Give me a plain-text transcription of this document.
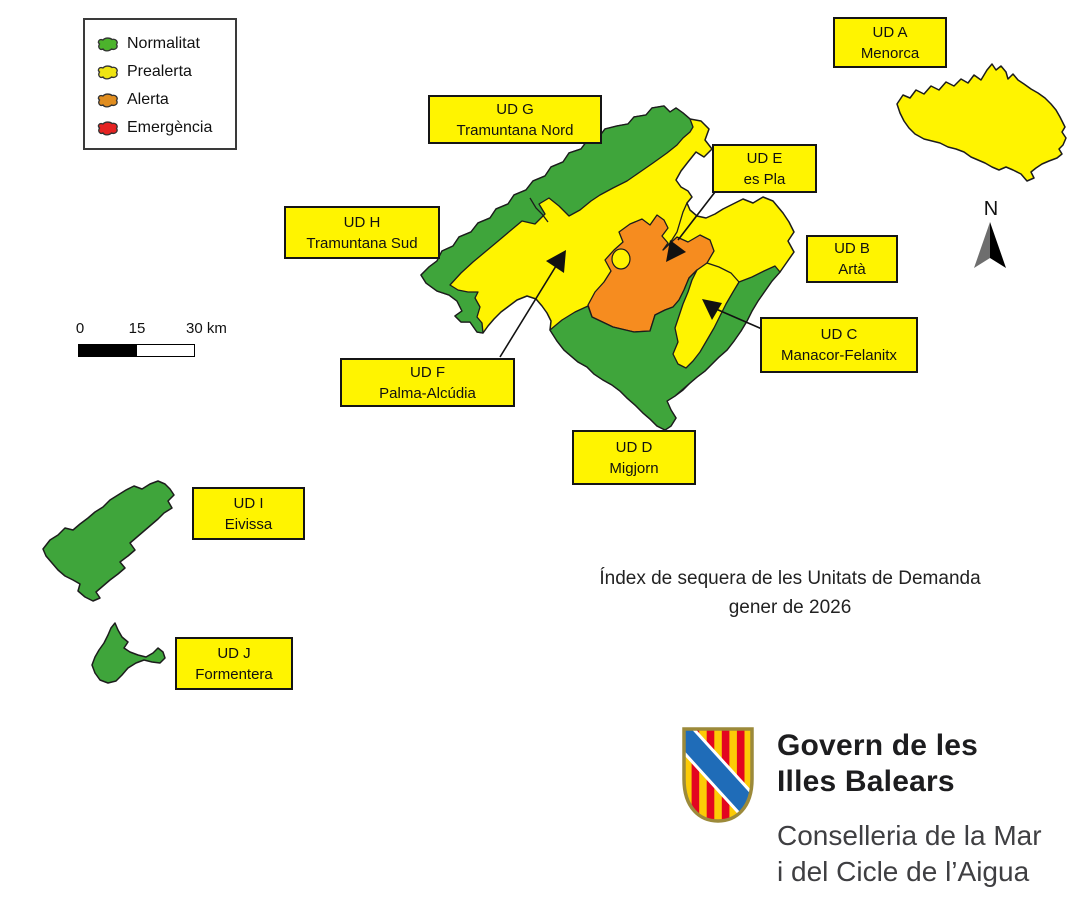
Normalitat
Prealerta
Alerta
Emergència
UD A
Menorca
UD G
Tramuntana Nord
UD H
Tramuntana Sud
UD E
es Pla
UD B
Artà
UD C
Manacor-Felanitx
UD F
Palma-Alcúdia
UD D
Migjorn
UD I
Eivissa
UD J
Formentera
0	15	30 km
N
Índex de sequera de les Unitats de Demanda
gener de 2026
Govern de les
Illes Balears
Conselleria de la Mar
i del Cicle de l’Aigua
